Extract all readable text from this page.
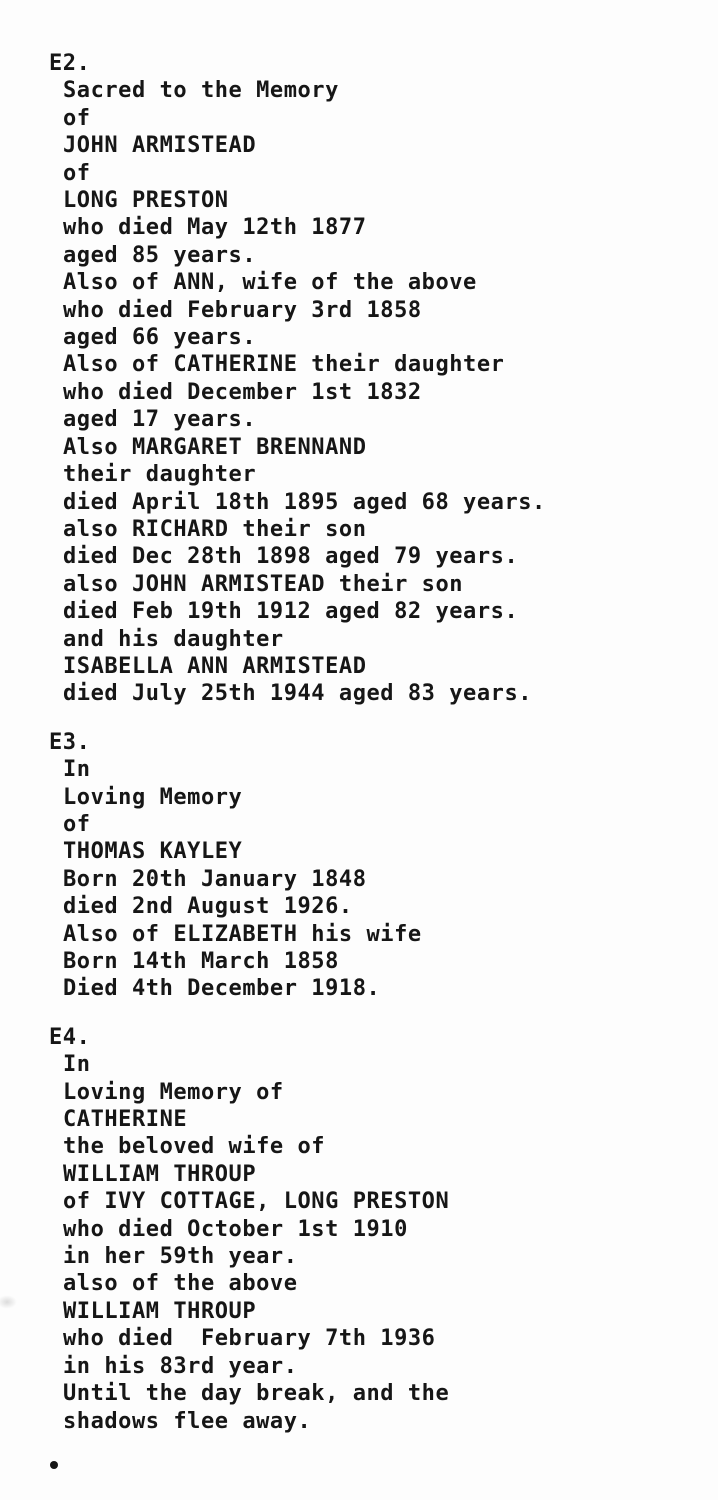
E2.
Sacred to the Memory
of
JOHN ARMISTEAD
of
LONG PRESTON
who died May 12th 1877
aged 85 years.
Also of ANN, wife of the above
who died February 3rd 1858
aged 66 years.
Also of CATHERINE their daughter
who died December 1st 1832
aged 17 years.
Also MARGARET BRENNAND
their daughter
died April 18th 1895 aged 68 years.
also RICHARD their son
died Dec 28th 1898 aged 79 years.
also JOHN ARMISTEAD their son
died Feb 19th 1912 aged 82 years.
and his daughter
ISABELLA ANN ARMISTEAD
died July 25th 1944 aged 83 years.
E3.
In
Loving Memory
of
THOMAS KAYLEY
Born 20th January 1848
died 2nd August 1926.
Also of ELIZABETH his wife
Born 14th March 1858
Died 4th December 1918.
E4.
In
Loving Memory of
CATHERINE
the beloved wife of
WILLIAM THROUP
of IVY COTTAGE, LONG PRESTON
who died October 1st 1910
in her 59th year.
also of the above
WILLIAM THROUP
who died  February 7th 1936
in his 83rd year.
Until the day break, and the
shadows flee away.
